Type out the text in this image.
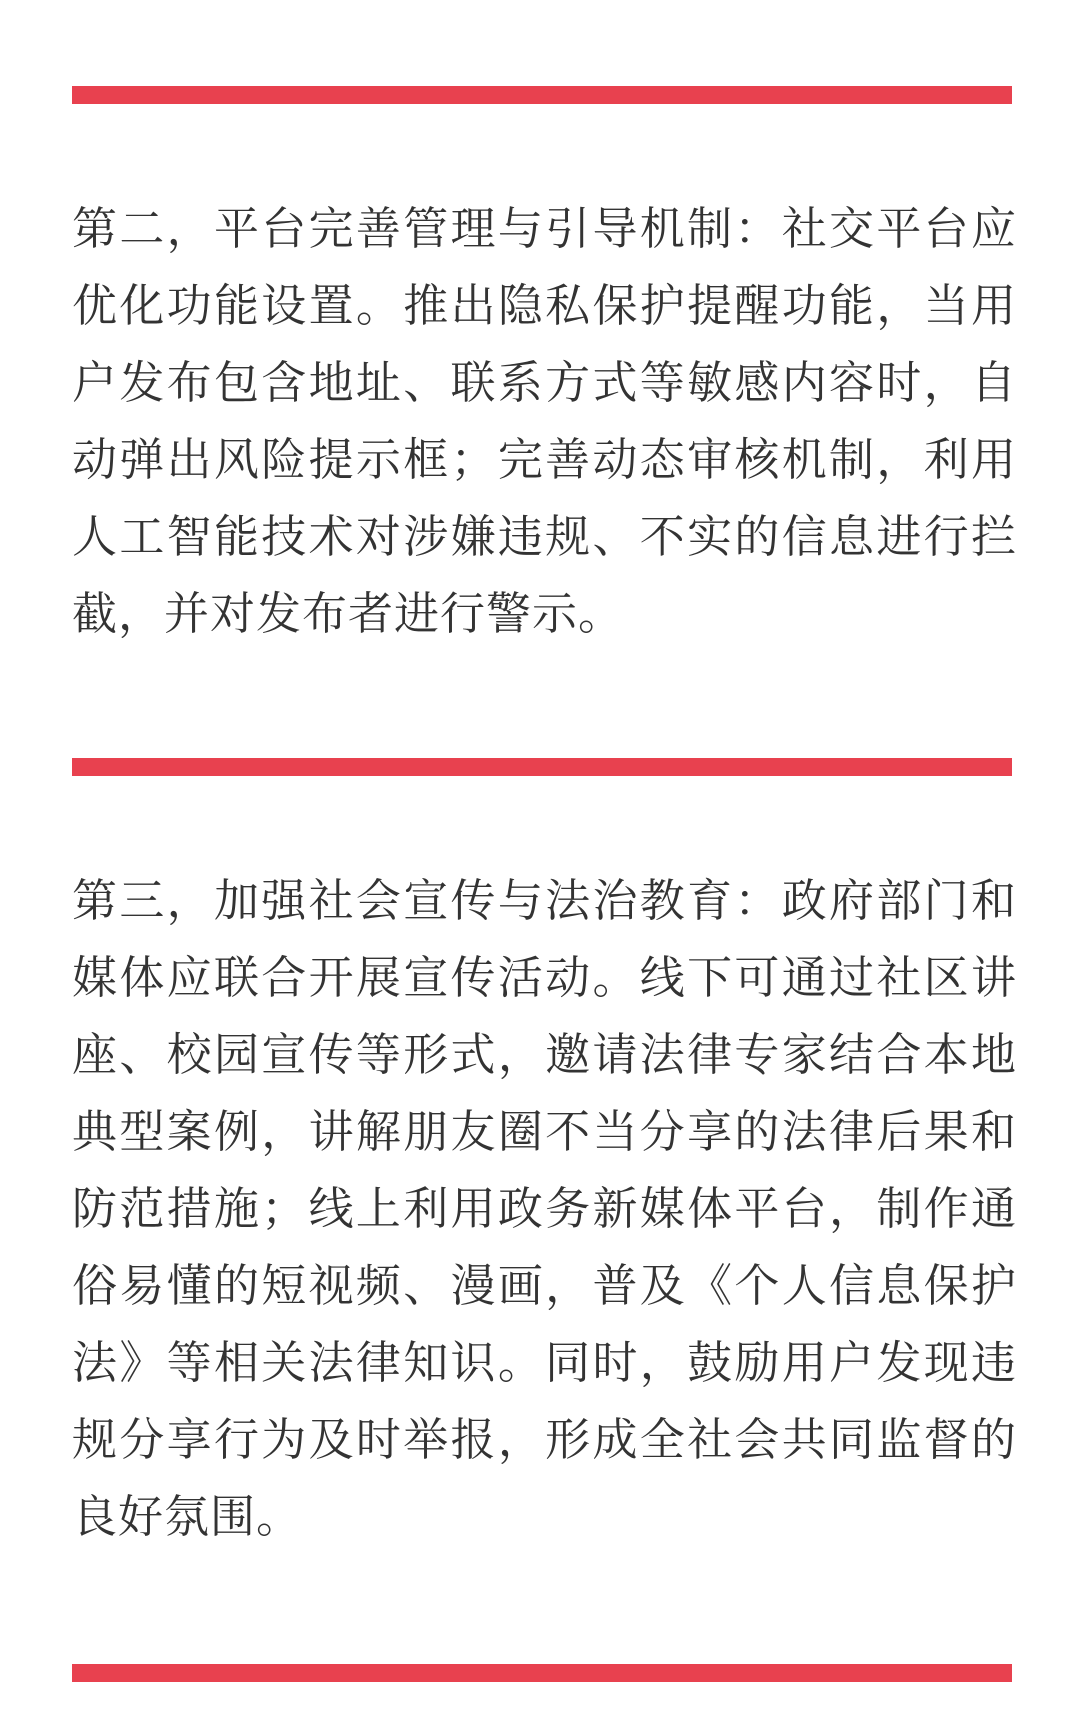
第二，平台完善管理与引导机制：社交平台应优化功能设置。推出隐私保护提醒功能，当用户发布包含地址、联系方式等敏感内容时，自动弹出风险提示框；完善动态审核机制，利用人工智能技术对涉嫌违规、不实的信息进行拦截，并对发布者进行警示。

第三，加强社会宣传与法治教育：政府部门和媒体应联合开展宣传活动。线下可通过社区讲座、校园宣传等形式，邀请法律专家结合本地典型案例，讲解朋友圈不当分享的法律后果和防范措施；线上利用政务新媒体平台，制作通俗易懂的短视频、漫画，普及《个人信息保护法》等相关法律知识。同时，鼓励用户发现违规分享行为及时举报，形成全社会共同监督的良好氛围。
